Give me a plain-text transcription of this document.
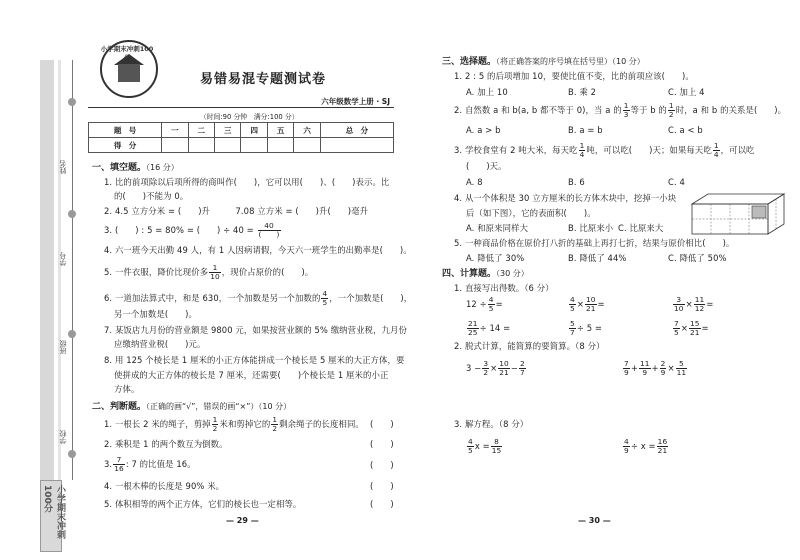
姓名
学号
班级
学校
小学期末冲刺100分
小学期末冲刺100分
易错易混专题测试卷
六年级数学上册 · SJ
（时间:90 分钟　满分:100 分）
题　号	一	二	三	四	五	六	总　分
得　分							
一、填空题。（16 分）
1. 比的前项除以后项所得的商叫作(　　)，它可以用(　　)、(　　)表示。比
的(　　)不能为 0。
2. 4.5 立方分米 = (　　)升　　　7.08 立方米 = (　　)升(　　)毫升
3. (　　) : 5 = 80% = (　　) ÷ $40 = \frac{40}{( )}$
4. 六一班今天出勤 49 人，有 1 人因病请假，今天六一班学生的出勤率是(　　)。
5. 一件衣服，降价比现价多 $\frac{1}{10}$ ，现价占原价的(　　)。
6. 一道加法算式中，和是 630，一个加数是另一个加数的 $\frac{4}{5}$ ，一个加数是(　　)，
另一个加数是(　　)。
7. 某饭店九月份的营业额是 9800 元，如果按营业额的 5% 缴纳营业税，九月份
应缴纳营业税(　　)元。
8. 用 125 个棱长是 1 厘米的小正方体能拼成一个棱长是 5 厘米的大正方体，要
使拼成的大正方体的棱长是 7 厘米，还需要(　　)个棱长是 1 厘米的小正
方体。
二、判断题。（正确的画“√”，错误的画“×”）（10 分）
1. 一根长 2 米的绳子，剪掉 $\frac{1}{2}$ 米和剪掉它的 $\frac{1}{2}$ 剩余绳子的长度相同。 (　　)
2. 乘积是 1 的两个数互为倒数。	(　　)
3. $\frac{7}{16}$ : 7 的比值是 16。	(　　)
4. 一根木棒的长度是 90% 米。	(　　)
5. 体积相等的两个正方体，它们的棱长也一定相等。	(　　)
— 29 —
三、选择题。（将正确答案的序号填在括号里）（10 分）
1. 2 : 5 的后项增加 10，要使比值不变，比的前项应该(　　)。
A. 加上 10	B. 乘 2	C. 加上 4
2. 自然数 a 和 b(a, b 都不等于 0)，当 a 的 $\frac{1}{3}$ 等于 b 的 $\frac{1}{2}$ 时，a 和 b 的关系是(　　)。
A. a > b	B. a = b	C. a < b
3. 学校食堂有 2 吨大米，每天吃 $\frac{1}{4}$ 吨，可以吃(　　)天；如果每天吃 $\frac{1}{4}$ ，可以吃
(　　)天。
A. 8	B. 6	C. 4
4. 从一个体积是 30 立方厘米的长方体木块中，挖掉一小块
后（如下图），它的表面积(　　)。
A. 和原来同样大	B. 比原来小 C. 比原来大
5. 一种商品价格在原价打八折的基础上再打七折，结果与原价相比(　　)。
A. 降低了 30%	B. 降低了 44%	C. 降低了 50%
四、计算题。（30 分）
1. 直接写出得数。（6 分）
$12 \div \frac{4}{5}$ =	$\frac{4}{5} \times \frac{10}{21}$ =	$\frac{3}{10} \times \frac{11}{12}$ =
$\frac{21}{25} \div 14$ =	$\frac{5}{7} \div 5$ =	$\frac{7}{5} \times \frac{15}{21}$ =
2. 脱式计算，能简算的要简算。（8 分）
$3 - \frac{3}{2} \times \frac{10}{21} - \frac{2}{7}$	$\frac{7}{9} + \frac{11}{9} + \frac{2}{9} \times \frac{5}{11}$
3. 解方程。（8 分）
$\frac{4}{5}$ $x = \frac{8}{15}$	$\frac{4}{9} \div x = \frac{16}{21}$
— 30 —
